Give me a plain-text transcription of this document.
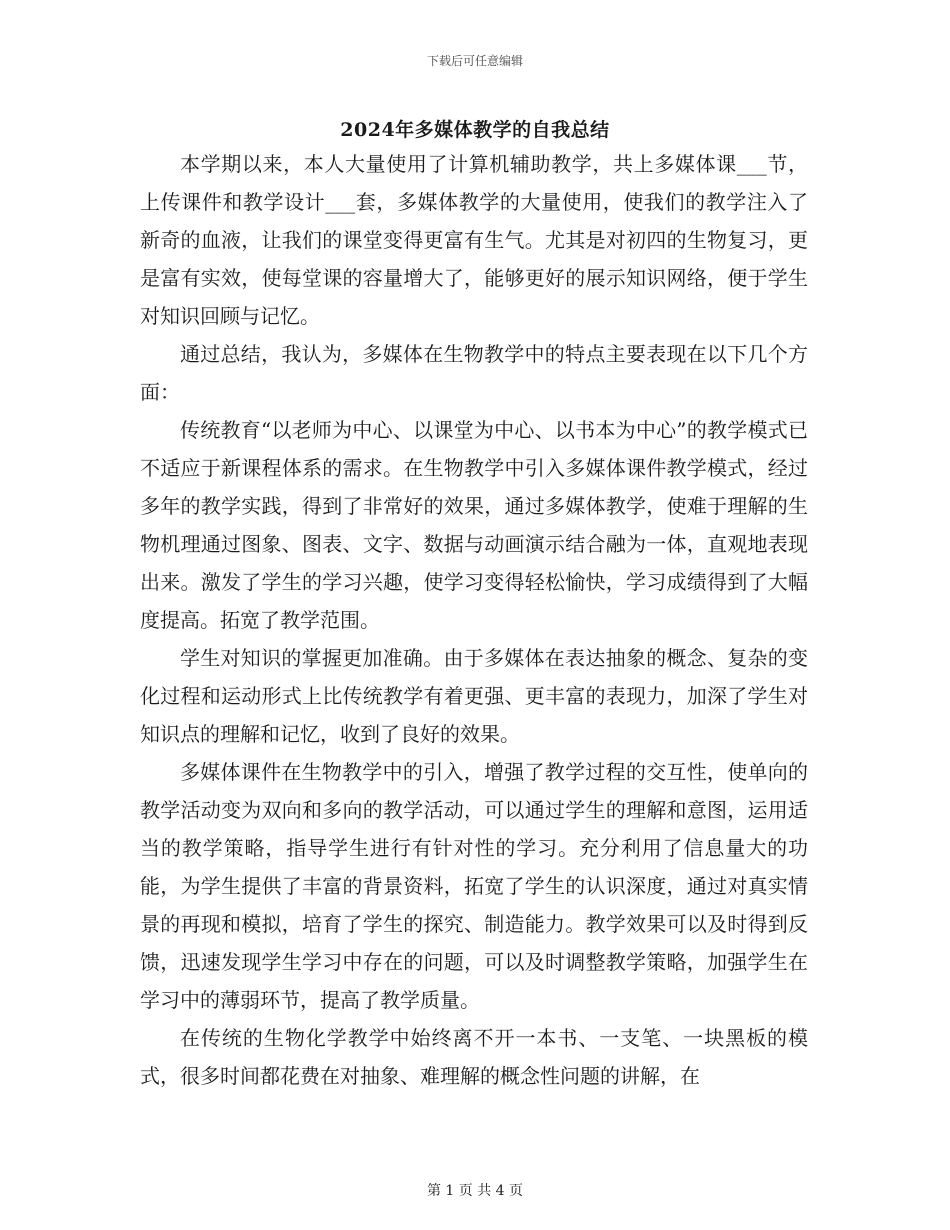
下载后可任意编辑
2024年多媒体教学的自我总结

本学期以来，本人大量使用了计算机辅助教学，共上多媒体课___节，上传课件和教学设计___套，多媒体教学的大量使用，使我们的教学注入了新奇的血液，让我们的课堂变得更富有生气。尤其是对初四的生物复习，更是富有实效，使每堂课的容量增大了，能够更好的展示知识网络，便于学生对知识回顾与记忆。

通过总结，我认为，多媒体在生物教学中的特点主要表现在以下几个方面：

传统教育“以老师为中心、以课堂为中心、以书本为中心”的教学模式已不适应于新课程体系的需求。在生物教学中引入多媒体课件教学模式，经过多年的教学实践，得到了非常好的效果，通过多媒体教学，使难于理解的生物机理通过图象、图表、文字、数据与动画演示结合融为一体，直观地表现出来。激发了学生的学习兴趣，使学习变得轻松愉快，学习成绩得到了大幅度提高。拓宽了教学范围。

学生对知识的掌握更加准确。由于多媒体在表达抽象的概念、复杂的变化过程和运动形式上比传统教学有着更强、更丰富的表现力，加深了学生对知识点的理解和记忆，收到了良好的效果。

多媒体课件在生物教学中的引入，增强了教学过程的交互性，使单向的教学活动变为双向和多向的教学活动，可以通过学生的理解和意图，运用适当的教学策略，指导学生进行有针对性的学习。充分利用了信息量大的功能，为学生提供了丰富的背景资料，拓宽了学生的认识深度，通过对真实情景的再现和模拟，培育了学生的探究、制造能力。教学效果可以及时得到反馈，迅速发现学生学习中存在的问题，可以及时调整教学策略，加强学生在学习中的薄弱环节，提高了教学质量。

在传统的生物化学教学中始终离不开一本书、一支笔、一块黑板的模式，很多时间都花费在对抽象、难理解的概念性问题的讲解，在

第 1 页 共 4 页
